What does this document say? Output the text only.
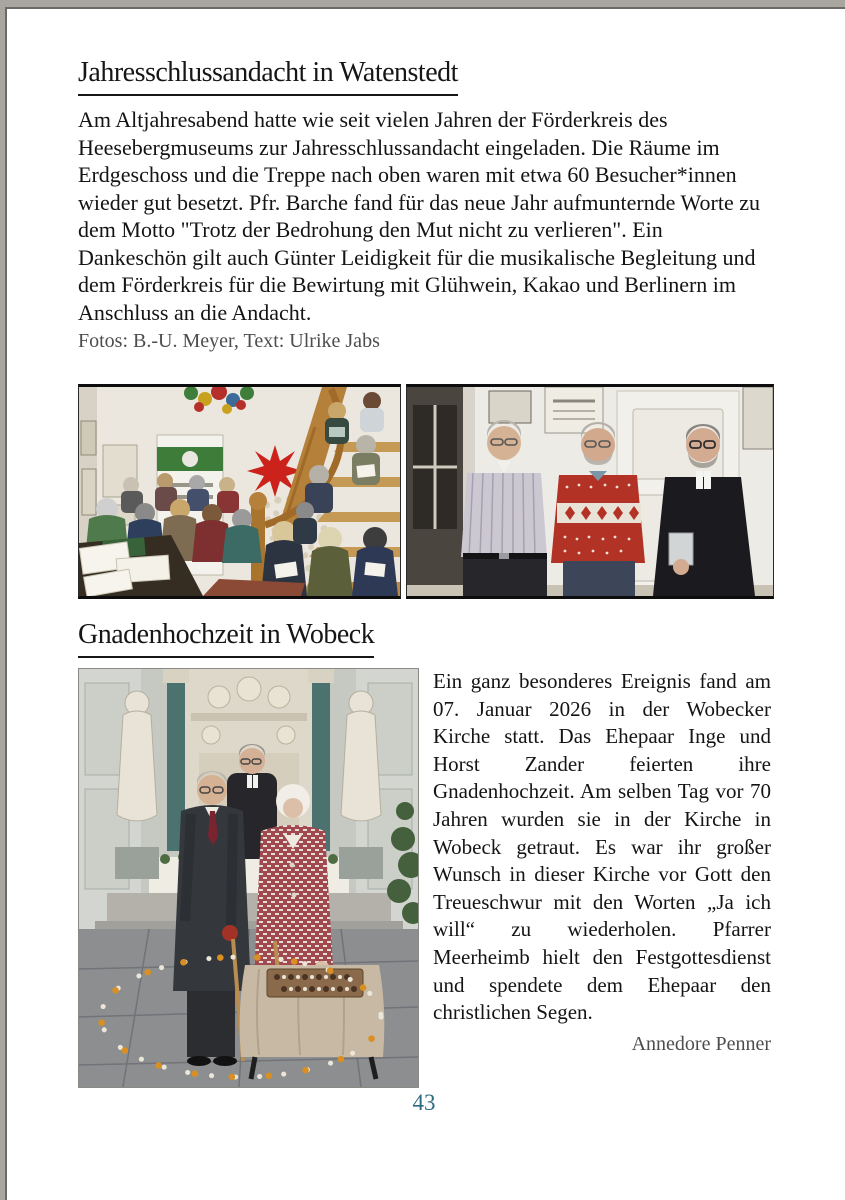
Jahresschlussandacht in Watenstedt
Am Altjahresabend hatte wie seit vielen Jahren der Förderkreis des Heesebergmuseums zur Jahresschlussandacht eingeladen. Die Räume im Erdgeschoss und die Treppe nach oben waren mit etwa 60 Besucher*innen wieder gut besetzt. Pfr. Barche fand für das neue Jahr aufmunternde Worte zu dem Motto "Trotz der Bedrohung den Mut nicht zu verlieren". Ein Dankeschön gilt auch Günter Leidigkeit für die musikalische Begleitung und dem Förderkreis für die Bewirtung mit Glühwein, Kakao und Berlinern im Anschluss an die Andacht.
Fotos: B.-U. Meyer, Text: Ulrike Jabs
Gnadenhochzeit in Wobeck
Ein ganz besonderes Ereignis fand am 07. Januar 2026 in der Wobecker Kirche statt. Das Ehepaar Inge und Horst Zander feierten ihre Gnadenhochzeit. Am selben Tag vor 70 Jahren wurden sie in der Kirche in Wobeck getraut. Es war ihr großer Wunsch in dieser Kirche vor Gott den Treueschwur mit den Worten „Ja ich will“ zu wiederholen. Pfarrer Meerheimb hielt den Festgottesdienst und spendete dem Ehepaar den christlichen Segen.
Annedore Penner
43
